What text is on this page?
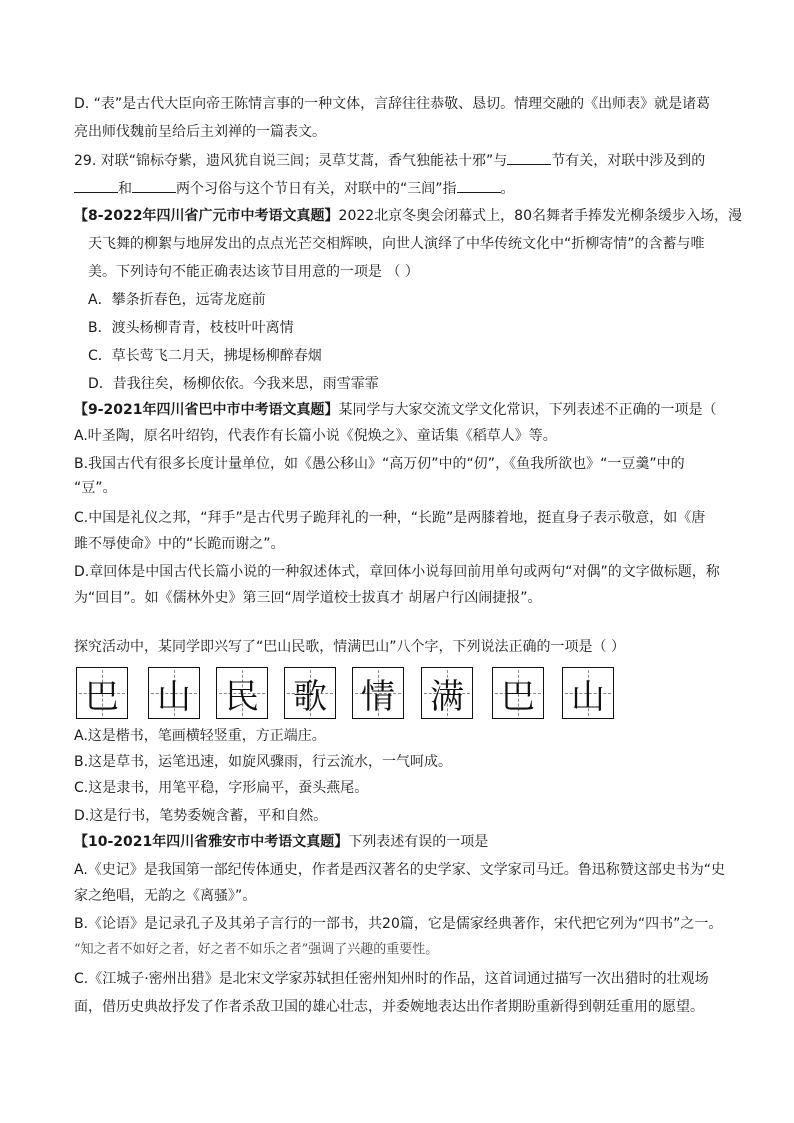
D. “表”是古代大臣向帝王陈情言事的一种文体，言辞往往恭敬、恳切。情理交融的《出师表》就是诸葛
亮出师伐魏前呈给后主刘禅的一篇表文。
29. 对联“锦标夺紫，遗风犹自说三闾；灵草艾蒿，香气独能祛十邪”与	节有关，对联中涉及到的
和	两个习俗与这个节日有关，对联中的“三闾”指	。
【8-2022年四川省广元市中考语文真题】2022北京冬奥会闭幕式上，80名舞者手捧发光柳条缓步入场，漫
天飞舞的柳絮与地屏发出的点点光芒交相辉映，向世人演绎了中华传统文化中“折柳寄情”的含蓄与唯
美。下列诗句不能正确表达该节目用意的一项是 （ ）
A．攀条折春色，远寄龙庭前
B．渡头杨柳青青，枝枝叶叶离情
C．草长莺飞二月天，拂堤杨柳醉春烟
D．昔我往矣，杨柳依依。今我来思，雨雪霏霏
【9-2021年四川省巴中市中考语文真题】某同学与大家交流文学文化常识，下列表述不正确的一项是（
A.叶圣陶，原名叶绍钧，代表作有长篇小说《倪焕之》、童话集《稻草人》等。
B.我国古代有很多长度计量单位，如《愚公移山》“高万仞”中的“仞”，《鱼我所欲也》“一豆羹”中的
“豆”。
C.中国是礼仪之邦，“拜手”是古代男子跪拜礼的一种，“长跪”是两膝着地，挺直身子表示敬意，如《唐
雎不辱使命》中的“长跪而谢之”。
D.章回体是中国古代长篇小说的一种叙述体式，章回体小说每回前用单句或两句“对偶”的文字做标题，称
为“回目”。如《儒林外史》第三回“周学道校士拔真才 胡屠户行凶闹捷报”。
探究活动中，某同学即兴写了“巴山民歌，情满巴山”八个字，下列说法正确的一项是（ ）
巴 山 民 歌 情 满 巴 山
A.这是楷书，笔画横轻竖重，方正端庄。
B.这是草书，运笔迅速，如旋风骤雨，行云流水，一气呵成。
C.这是隶书，用笔平稳，字形扁平，蚕头燕尾。
D.这是行书，笔势委婉含蓄，平和自然。
【10-2021年四川省雅安市中考语文真题】下列表述有误的一项是
A.《史记》是我国第一部纪传体通史，作者是西汉著名的史学家、文学家司马迁。鲁迅称赞这部史书为“史
家之绝唱，无韵之《离骚》”。
B.《论语》是记录孔子及其弟子言行的一部书，共20篇，它是儒家经典著作，宋代把它列为“四书”之一。
“知之者不如好之者，好之者不如乐之者”强调了兴趣的重要性。
C.《江城子·密州出猎》是北宋文学家苏轼担任密州知州时的作品，这首词通过描写一次出猎时的壮观场
面，借历史典故抒发了作者杀敌卫国的雄心壮志，并委婉地表达出作者期盼重新得到朝廷重用的愿望。
